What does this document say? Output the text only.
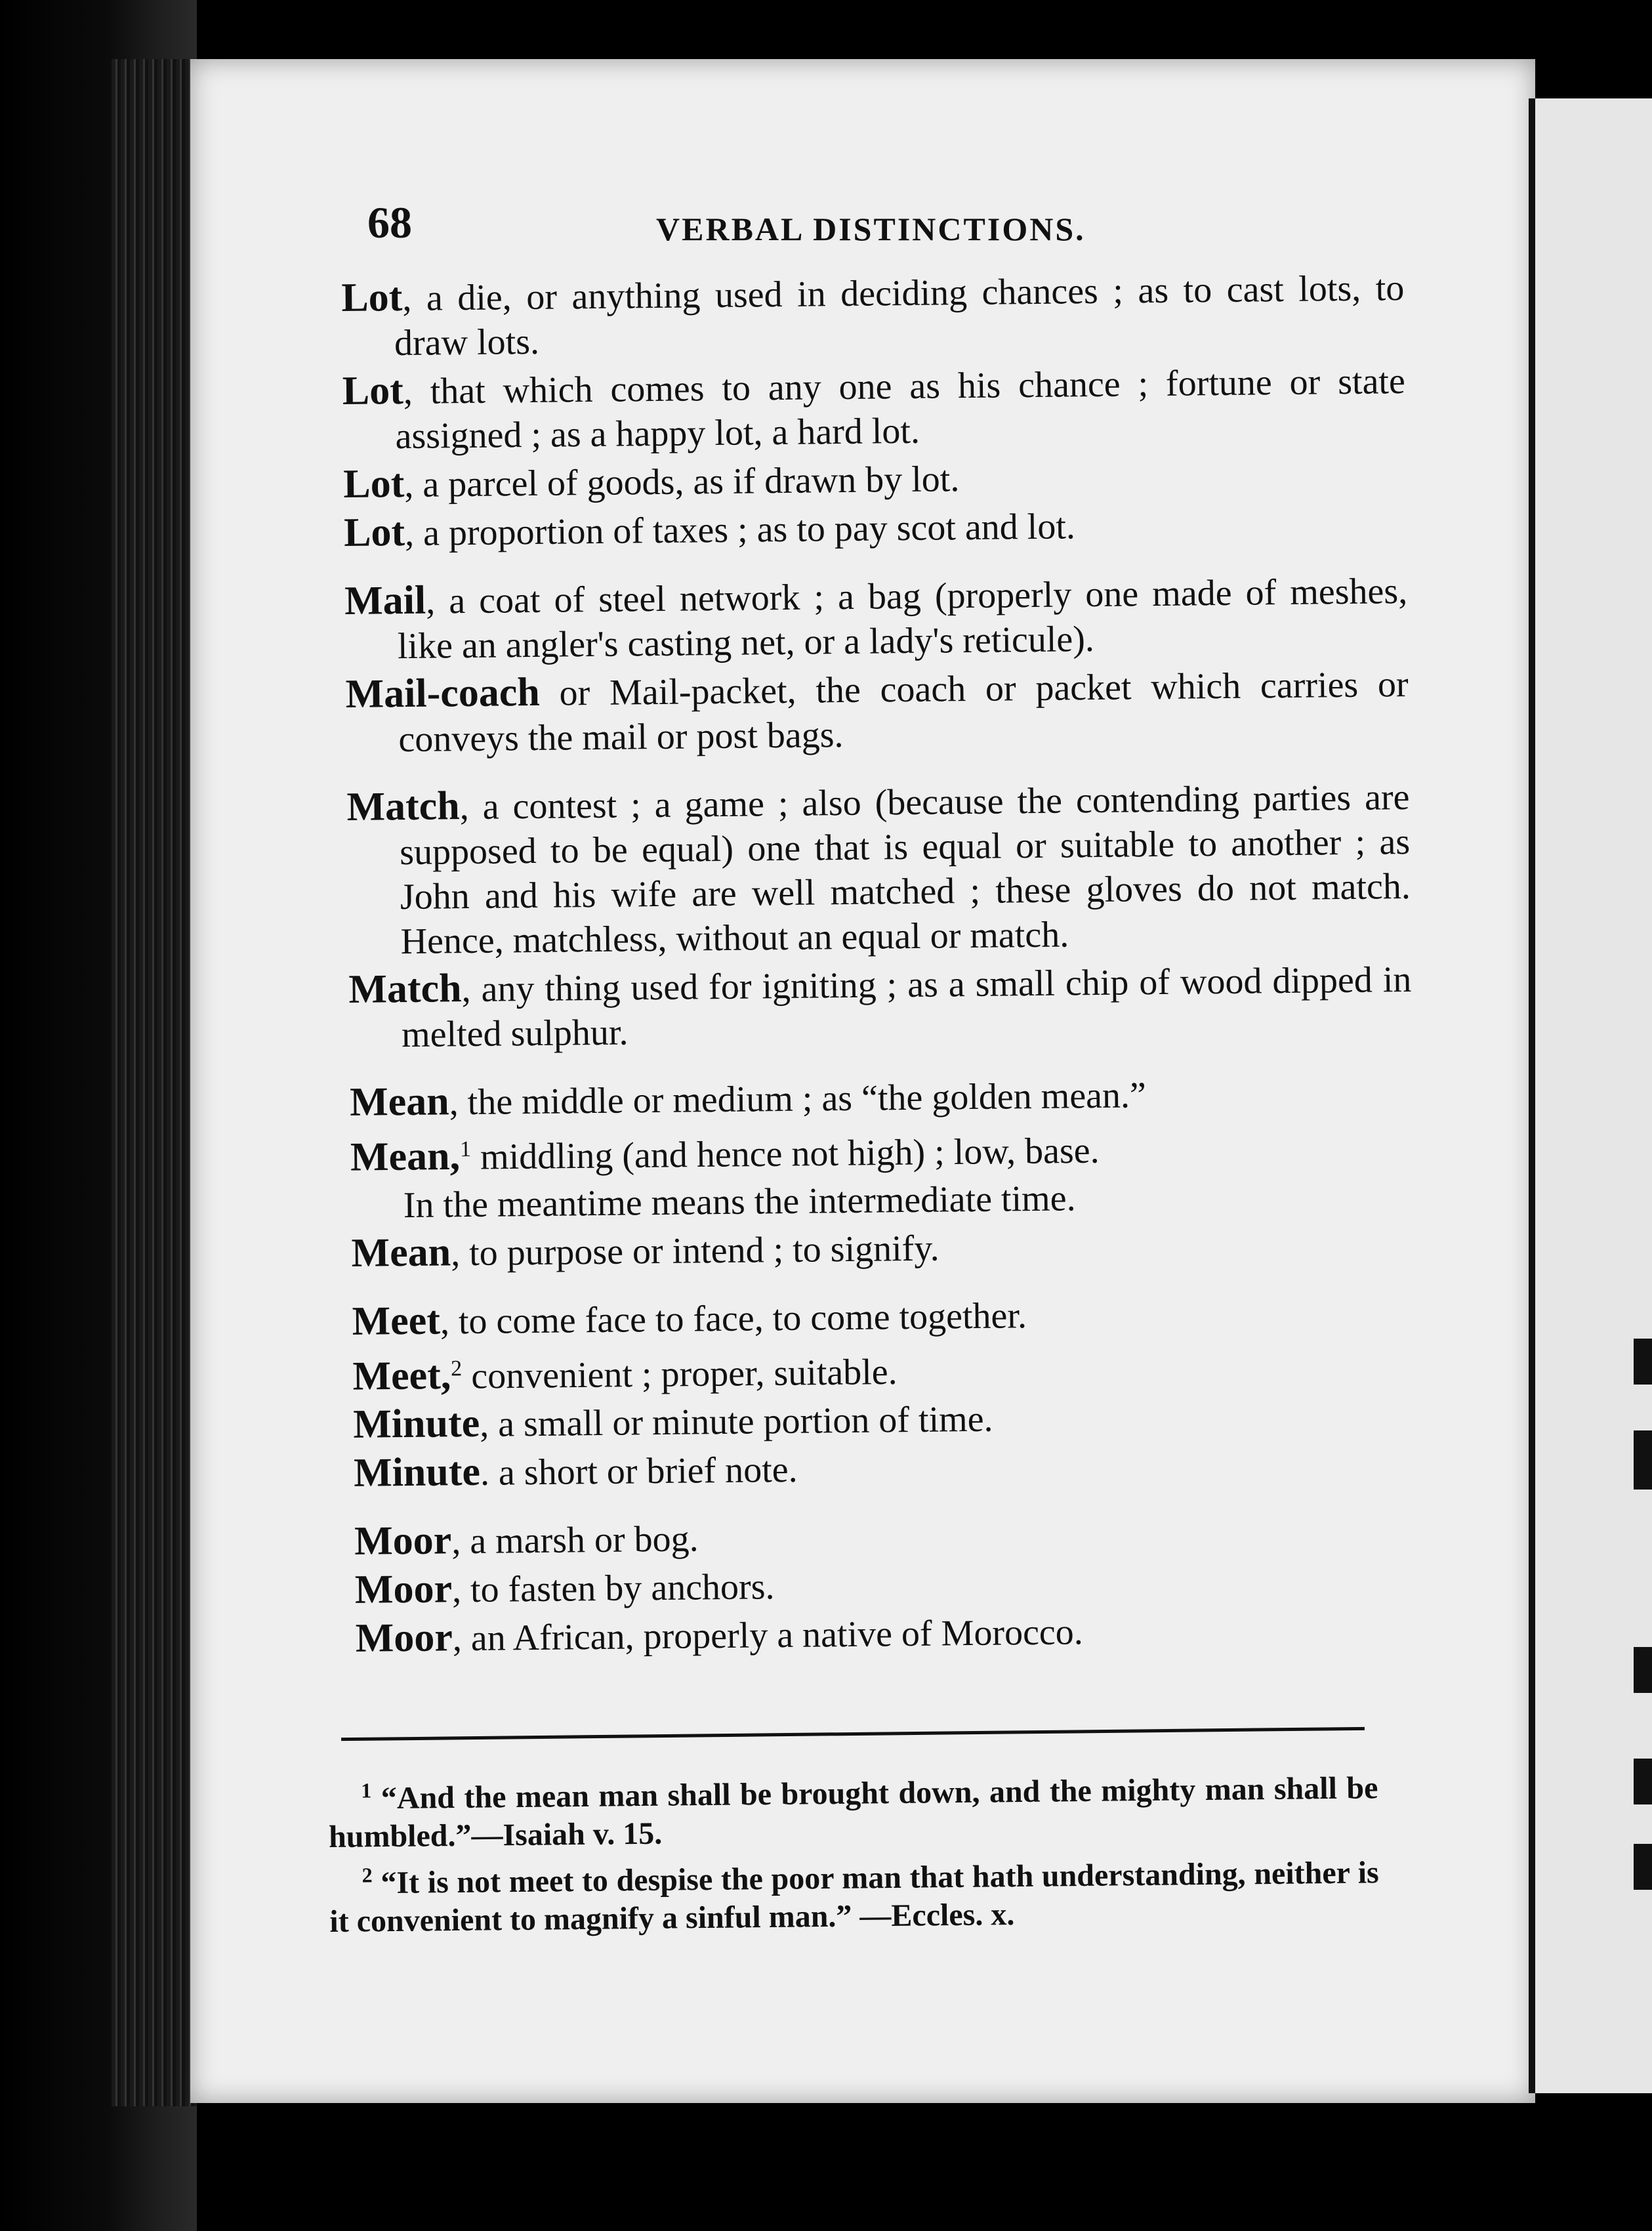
68	VERBAL DISTINCTIONS.

Lot, a die, or anything used in deciding chances ; as to cast lots, to draw lots.

Lot, that which comes to any one as his chance ; fortune or state assigned ; as a happy lot, a hard lot.

Lot, a parcel of goods, as if drawn by lot.

Lot, a proportion of taxes ; as to pay scot and lot.

Mail, a coat of steel network ; a bag (properly one made of meshes, like an angler's casting net, or a lady's reticule).

Mail-coach or Mail-packet, the coach or packet which carries or conveys the mail or post bags.

Match, a contest ; a game ; also (because the contending parties are supposed to be equal) one that is equal or suitable to another ; as John and his wife are well matched ; these gloves do not match. Hence, matchless, without an equal or match.

Match, any thing used for igniting ; as a small chip of wood dipped in melted sulphur.

Mean, the middle or medium ; as “the golden mean.”

Mean,$^1$ middling (and hence not high) ; low, base.

In the meantime means the intermediate time.

Mean, to purpose or intend ; to signify.

Meet, to come face to face, to come together.

Meet,$^2$ convenient ; proper, suitable.

Minute, a small or minute portion of time.

Minute. a short or brief note.

Moor, a marsh or bog.

Moor, to fasten by anchors.

Moor, an African, properly a native of Morocco.

$^1$ “And the mean man shall be brought down, and the mighty man shall be humbled.”—Isaiah v. 15.

$^2$ “It is not meet to despise the poor man that hath understanding, neither is it convenient to magnify a sinful man.” —Eccles. x.
